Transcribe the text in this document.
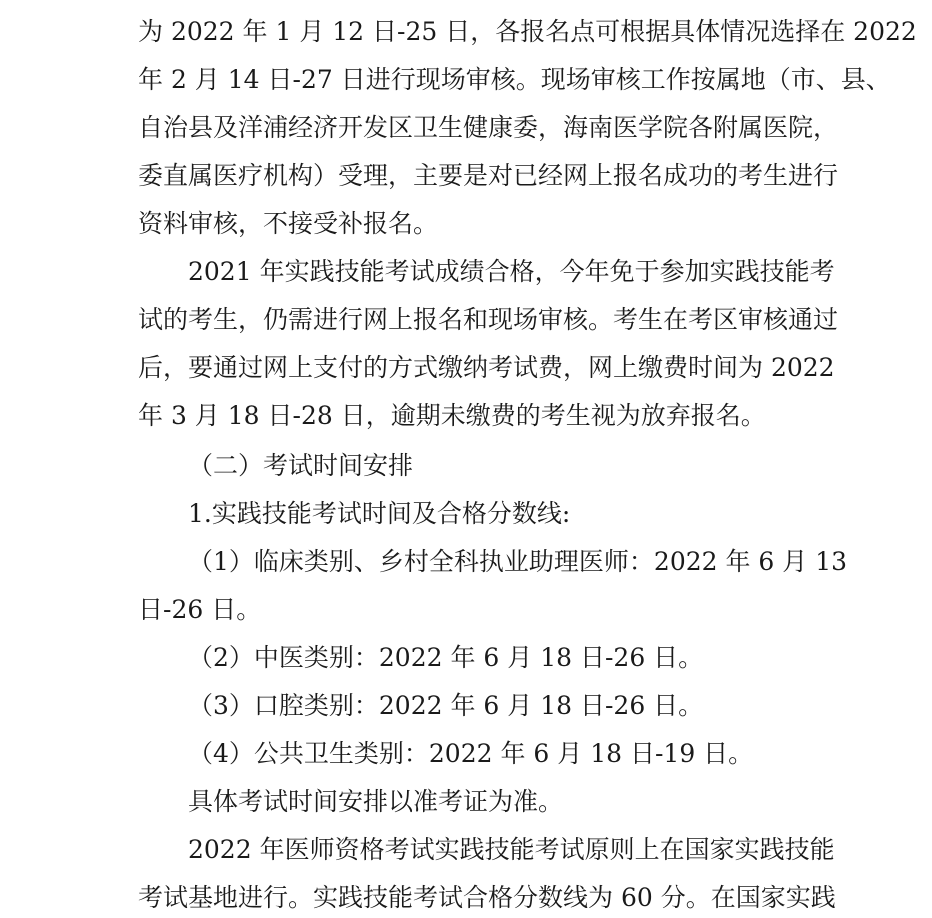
为 2022 年 1 月 12 日-25 日，各报名点可根据具体情况选择在 2022
年 2 月 14 日-27 日进行现场审核。现场审核工作按属地（市、县、
自治县及洋浦经济开发区卫生健康委，海南医学院各附属医院，
委直属医疗机构）受理，主要是对已经网上报名成功的考生进行
资料审核，不接受补报名。
2021 年实践技能考试成绩合格，今年免于参加实践技能考
试的考生，仍需进行网上报名和现场审核。考生在考区审核通过
后，要通过网上支付的方式缴纳考试费，网上缴费时间为 2022
年 3 月 18 日-28 日，逾期未缴费的考生视为放弃报名。
（二）考试时间安排
1.实践技能考试时间及合格分数线:
（1）临床类别、乡村全科执业助理医师：2022 年 6 月 13
日-26 日。
（2）中医类别：2022 年 6 月 18 日-26 日。
（3）口腔类别：2022 年 6 月 18 日-26 日。
（4）公共卫生类别：2022 年 6 月 18 日-19 日。
具体考试时间安排以准考证为准。
2022 年医师资格考试实践技能考试原则上在国家实践技能
考试基地进行。实践技能考试合格分数线为 60 分。在国家实践
